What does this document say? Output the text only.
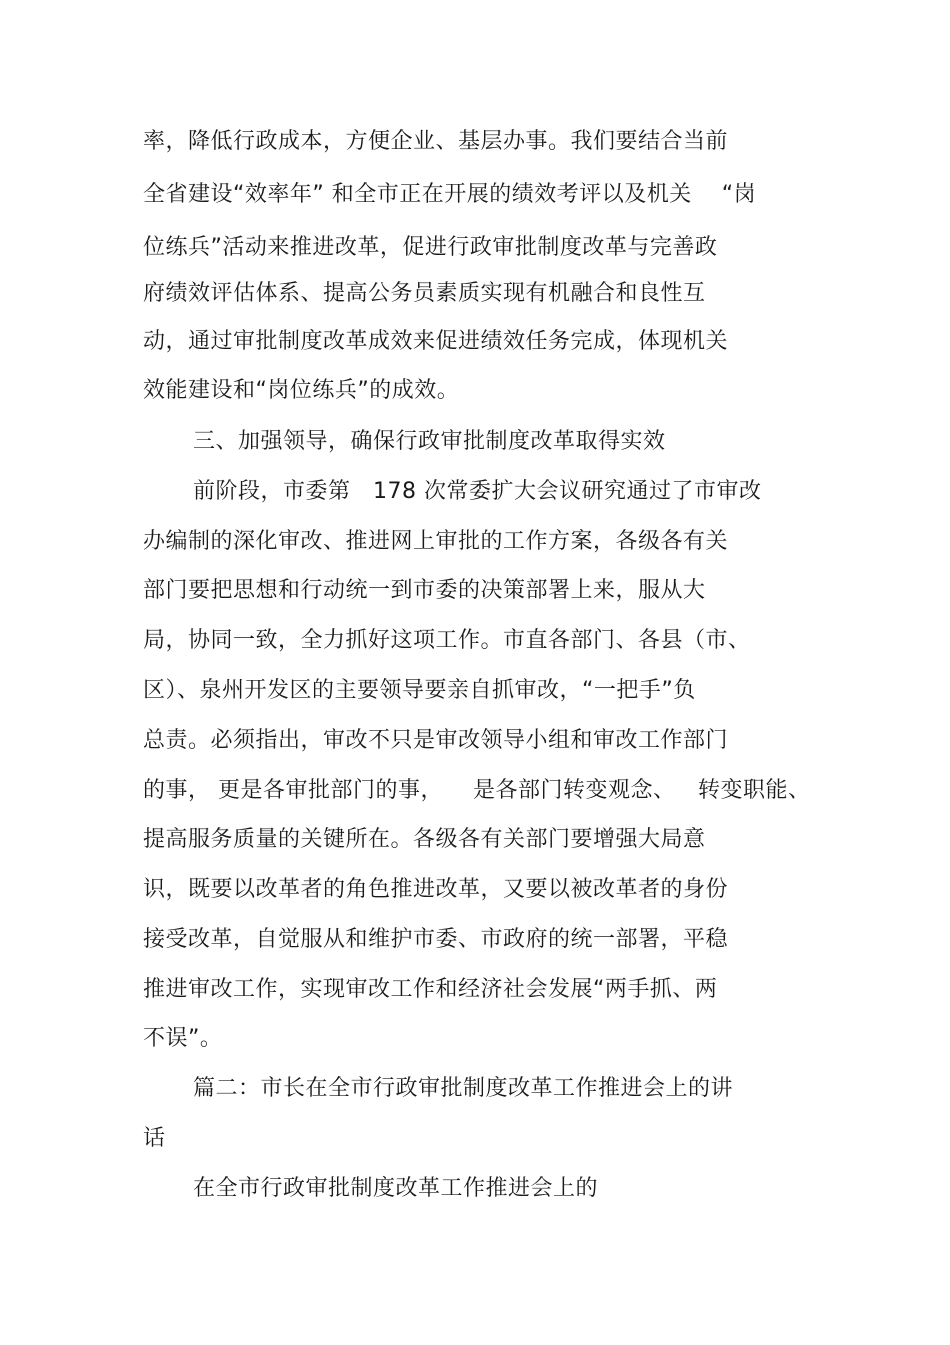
率，降低行政成本，方便企业、基层办事。我们要结合当前
全省建设“效率年” 和全市正在开展的绩效考评以及机关    “岗
位练兵”活动来推进改革，促进行政审批制度改革与完善政
府绩效评估体系、提高公务员素质实现有机融合和良性互
动，通过审批制度改革成效来促进绩效任务完成，体现机关
效能建设和“岗位练兵”的成效。
三、加强领导，确保行政审批制度改革取得实效
前阶段，市委第   178 次常委扩大会议研究通过了市审改
办编制的深化审改、推进网上审批的工作方案，各级各有关
部门要把思想和行动统一到市委的决策部署上来，服从大
局，协同一致，全力抓好这项工作。市直各部门、各县（市、
区）、泉州开发区的主要领导要亲自抓审改，“一把手”负
总责。必须指出，审改不只是审改领导小组和审改工作部门
的事， 更是各审批部门的事，    是各部门转变观念、   转变职能、
提高服务质量的关键所在。各级各有关部门要增强大局意
识，既要以改革者的角色推进改革，又要以被改革者的身份
接受改革，自觉服从和维护市委、市政府的统一部署，平稳
推进审改工作，实现审改工作和经济社会发展“两手抓、两
不误”。
篇二：市长在全市行政审批制度改革工作推进会上的讲
话
在全市行政审批制度改革工作推进会上的
